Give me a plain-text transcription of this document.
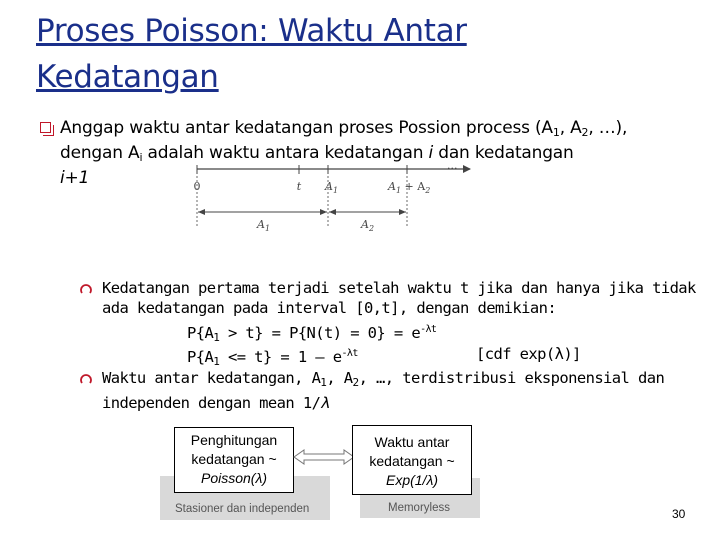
Proses Poisson: Waktu Antar Kedatangan
Anggap waktu antar kedatangan proses Possion process ($A_1$, $A_2$, …), dengan $A_i$ adalah waktu antara kedatangan i dan kedatangan
i+1	0	t $A_1$	$A_1 + A_2$
···
$A_1$	$A_2$
Kedatangan pertama terjadi setelah waktu t jika dan hanya jika tidak
ada kedatangan pada interval [0,t], dengan demikian:
$P\{A_1 > t\} = P\{N(t) = 0\} = e^{-\lambda t}$
$P\{A_1 <= t\} = 1 - e^{-\lambda t}$	[cdf exp(λ)]
Waktu antar kedatangan, $A_1$, $A_2$, …, terdistribusi eksponensial dan
independen dengan mean 1/λ
Penghitungan
kedatangan ~
Poisson(λ)
Waktu antar
kedatangan ~
Exp(1/λ)
Stasioner dan independen	Memoryless	30
